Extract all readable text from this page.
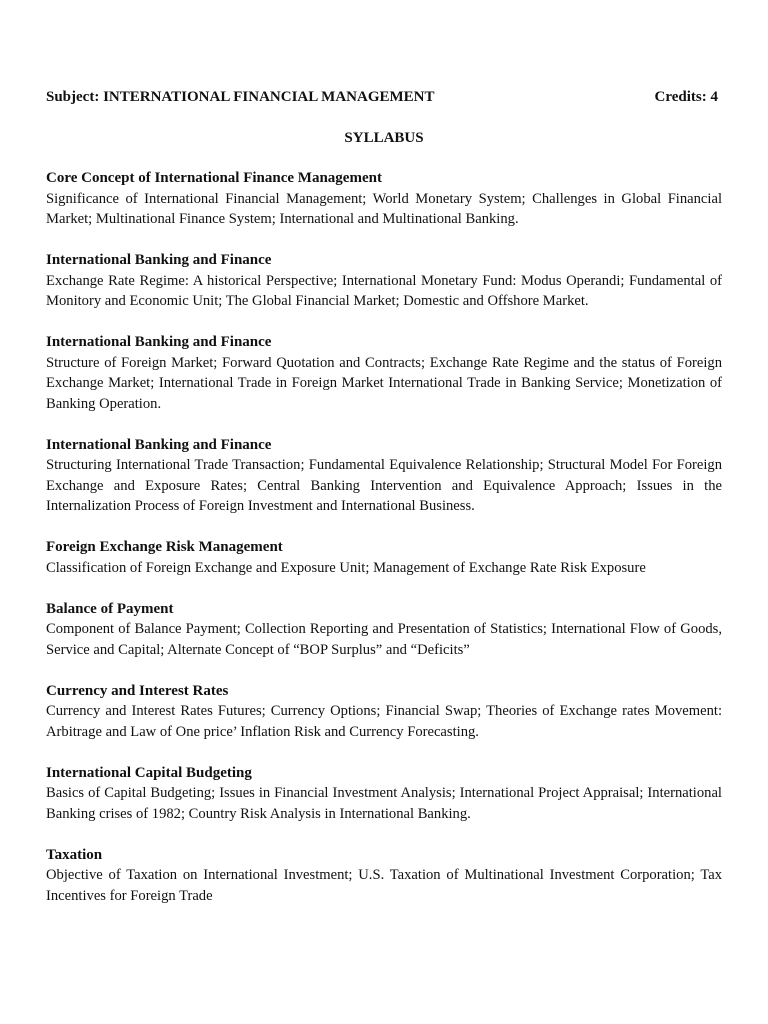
Subject: INTERNATIONAL FINANCIAL MANAGEMENT	Credits: 4
SYLLABUS
Core Concept of International Finance Management
Significance of International Financial Management; World Monetary System; Challenges in Global Financial Market; Multinational Finance System; International and Multinational Banking.
International Banking and Finance
Exchange Rate Regime: A historical Perspective; International Monetary Fund: Modus Operandi; Fundamental of Monitory and Economic Unit; The Global Financial Market; Domestic and Offshore Market.
International Banking and Finance
Structure of Foreign Market; Forward Quotation and Contracts; Exchange Rate Regime and the status of Foreign Exchange Market; International Trade in Foreign Market International Trade in Banking Service; Monetization of Banking Operation.
International Banking and Finance
Structuring International Trade Transaction; Fundamental Equivalence Relationship; Structural Model For Foreign Exchange and Exposure Rates; Central Banking Intervention and Equivalence Approach; Issues in the Internalization Process of Foreign Investment and International Business.
Foreign Exchange Risk Management
Classification of Foreign Exchange and Exposure Unit; Management of Exchange Rate Risk Exposure
Balance of Payment
Component of Balance Payment; Collection Reporting and Presentation of Statistics; International Flow of Goods, Service and Capital; Alternate Concept of “BOP Surplus” and “Deficits”
Currency and Interest Rates
Currency and Interest Rates Futures; Currency Options; Financial Swap; Theories of Exchange rates Movement: Arbitrage and Law of One price’ Inflation Risk and Currency Forecasting.
International Capital Budgeting
Basics of Capital Budgeting; Issues in Financial Investment Analysis; International Project Appraisal; International Banking crises of 1982; Country Risk Analysis in International Banking.
Taxation
Objective of Taxation on International Investment; U.S. Taxation of Multinational Investment Corporation; Tax Incentives for Foreign Trade
